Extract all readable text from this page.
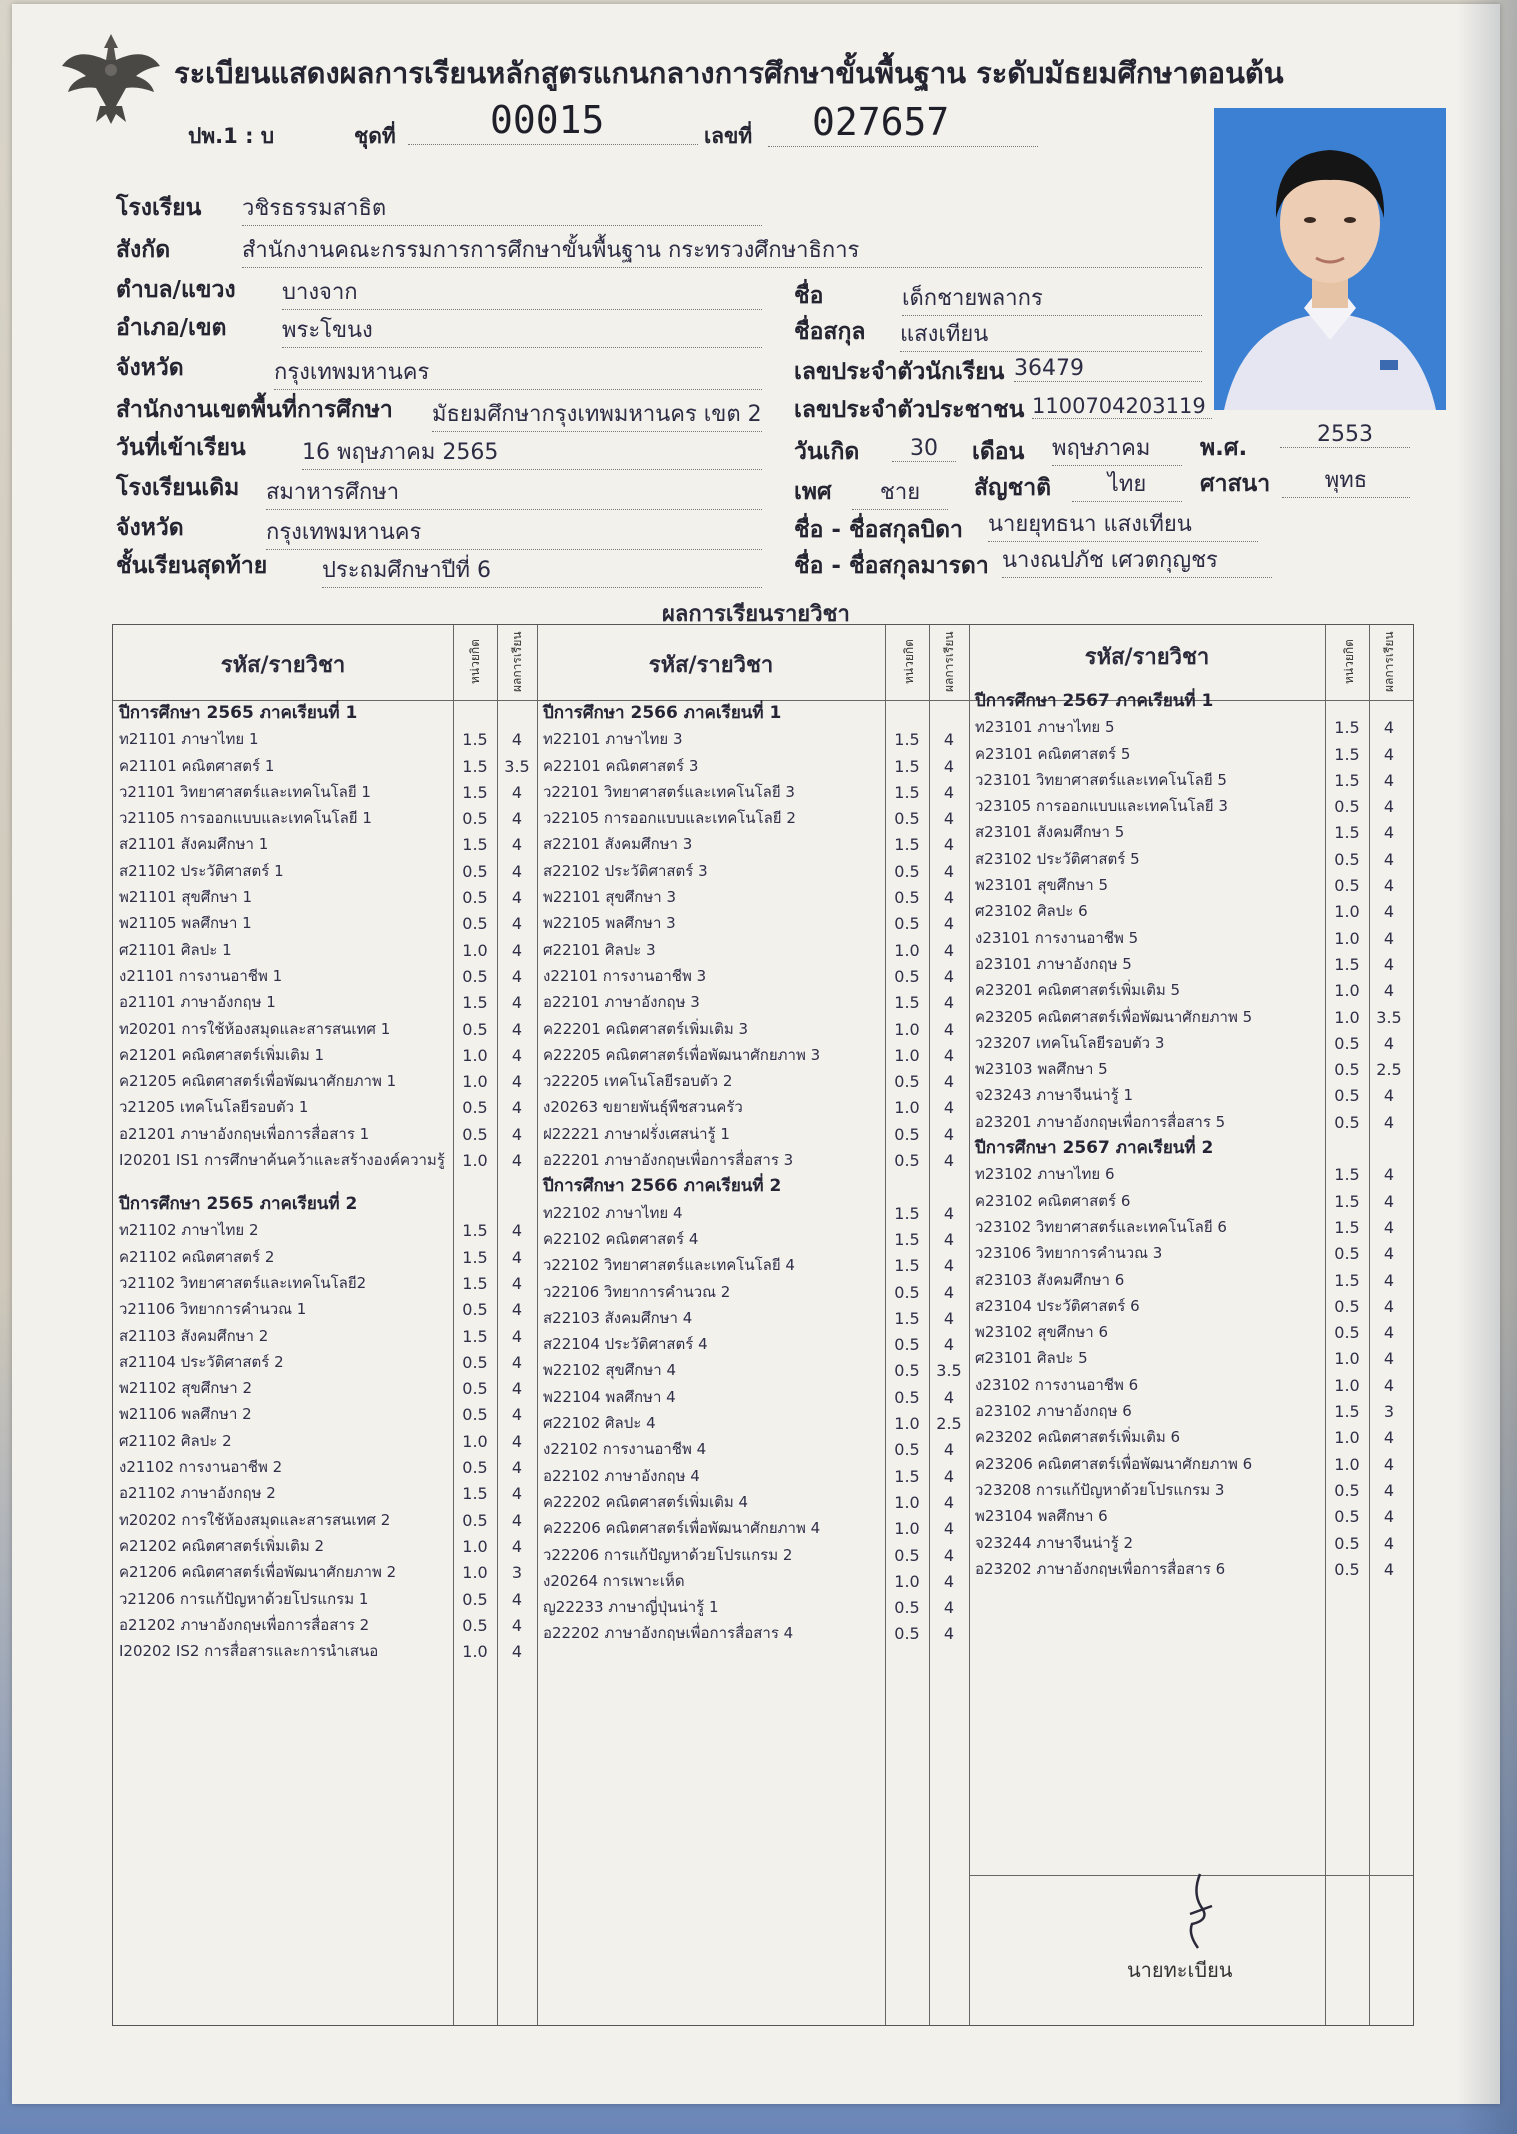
ระเบียนแสดงผลการเรียนหลักสูตรแกนกลางการศึกษาขั้นพื้นฐาน ระดับมัธยมศึกษาตอนต้น
ปพ.1 : บ	ชุดที่ 00015	เลขที่ 027657
โรงเรียน วชิรธรรมสาธิต
สังกัด	สำนักงานคณะกรรมการการศึกษาขั้นพื้นฐาน กระทรวงศึกษาธิการ
ตำบล/แขวง บางจาก
อำเภอ/เขต	พระโขนง
จังหวัด	กรุงเทพมหานคร
สำนักงานเขตพื้นที่การศึกษา มัธยมศึกษากรุงเทพมหานคร เขต 2
วันที่เข้าเรียน	16 พฤษภาคม 2565
โรงเรียนเดิม สมาหารศึกษา
จังหวัด	กรุงเทพมหานคร
ชั้นเรียนสุดท้าย ประถมศึกษาปีที่ 6
ชื่อ	เด็กชายพลากร
ชื่อสกุล แสงเทียน
เลขประจำตัวนักเรียน 36479
เลขประจำตัวประชาชน 1100704203119
วันเกิด	30	เดือน พฤษภาคม	พ.ศ.
2553
เพศ	ชาย	สัญชาติ	ไทย	ศาสนา	พุทธ
ชื่อ - ชื่อสกุลบิดา นายยุทธนา แสงเทียน
ชื่อ - ชื่อสกุลมารดา นางณปภัช เศวตกุญชร
ผลการเรียนรายวิชา
รหัส/รายวิชา	หน่วยกิต ผลการเรียน	รหัส/รายวิชา	หน่วยกิต ผลการเรียน	รหัส/รายวิชา	หน่วยกิต ผลการเรียน
ปีการศึกษา 2565 ภาคเรียนที่ 1
ท21101 ภาษาไทย 1	1.5	4
ค21101 คณิตศาสตร์ 1	1.5	3.5
ว21101 วิทยาศาสตร์และเทคโนโลยี 1	1.5	4
ว21105 การออกแบบและเทคโนโลยี 1	0.5	4
ส21101 สังคมศึกษา 1	1.5	4
ส21102 ประวัติศาสตร์ 1	0.5	4
พ21101 สุขศึกษา 1	0.5	4
พ21105 พลศึกษา 1	0.5	4
ศ21101 ศิลปะ 1	1.0	4
ง21101 การงานอาชีพ 1	0.5	4
อ21101 ภาษาอังกฤษ 1	1.5	4
ท20201 การใช้ห้องสมุดและสารสนเทศ 1	0.5	4
ค21201 คณิตศาสตร์เพิ่มเติม 1	1.0	4
ค21205 คณิตศาสตร์เพื่อพัฒนาศักยภาพ 1	1.0	4
ว21205 เทคโนโลยีรอบตัว 1	0.5	4
อ21201 ภาษาอังกฤษเพื่อการสื่อสาร 1	0.5	4
I20201 IS1 การศึกษาค้นคว้าและสร้างองค์ความรู้	1.0	4
ปีการศึกษา 2565 ภาคเรียนที่ 2
ท21102 ภาษาไทย 2	1.5	4
ค21102 คณิตศาสตร์ 2	1.5	4
ว21102 วิทยาศาสตร์และเทคโนโลยี2	1.5	4
ว21106 วิทยาการคำนวณ 1	0.5	4
ส21103 สังคมศึกษา 2	1.5	4
ส21104 ประวัติศาสตร์ 2	0.5	4
พ21102 สุขศึกษา 2	0.5	4
พ21106 พลศึกษา 2	0.5	4
ศ21102 ศิลปะ 2	1.0	4
ง21102 การงานอาชีพ 2	0.5	4
อ21102 ภาษาอังกฤษ 2	1.5	4
ท20202 การใช้ห้องสมุดและสารสนเทศ 2	0.5	4
ค21202 คณิตศาสตร์เพิ่มเติม 2	1.0	4
ค21206 คณิตศาสตร์เพื่อพัฒนาศักยภาพ 2	1.0	3
ว21206 การแก้ปัญหาด้วยโปรแกรม 1	0.5	4
อ21202 ภาษาอังกฤษเพื่อการสื่อสาร 2	0.5	4
I20202 IS2 การสื่อสารและการนำเสนอ	1.0	4
ปีการศึกษา 2566 ภาคเรียนที่ 1
ท22101 ภาษาไทย 3	1.5	4
ค22101 คณิตศาสตร์ 3	1.5	4
ว22101 วิทยาศาสตร์และเทคโนโลยี 3	1.5	4
ว22105 การออกแบบและเทคโนโลยี 2	0.5	4
ส22101 สังคมศึกษา 3	1.5	4
ส22102 ประวัติศาสตร์ 3	0.5	4
พ22101 สุขศึกษา 3	0.5	4
พ22105 พลศึกษา 3	0.5	4
ศ22101 ศิลปะ 3	1.0	4
ง22101 การงานอาชีพ 3	0.5	4
อ22101 ภาษาอังกฤษ 3	1.5	4
ค22201 คณิตศาสตร์เพิ่มเติม 3	1.0	4
ค22205 คณิตศาสตร์เพื่อพัฒนาศักยภาพ 3	1.0	4
ว22205 เทคโนโลยีรอบตัว 2	0.5	4
ง20263 ขยายพันธุ์พืชสวนครัว	1.0	4
ฝ22221 ภาษาฝรั่งเศสน่ารู้ 1	0.5	4
อ22201 ภาษาอังกฤษเพื่อการสื่อสาร 3	0.5	4
ปีการศึกษา 2566 ภาคเรียนที่ 2
ท22102 ภาษาไทย 4	1.5	4
ค22102 คณิตศาสตร์ 4	1.5	4
ว22102 วิทยาศาสตร์และเทคโนโลยี 4	1.5	4
ว22106 วิทยาการคำนวณ 2	0.5	4
ส22103 สังคมศึกษา 4	1.5	4
ส22104 ประวัติศาสตร์ 4	0.5	4
พ22102 สุขศึกษา 4	0.5	3.5
พ22104 พลศึกษา 4	0.5	4
ศ22102 ศิลปะ 4	1.0	2.5
ง22102 การงานอาชีพ 4	0.5	4
อ22102 ภาษาอังกฤษ 4	1.5	4
ค22202 คณิตศาสตร์เพิ่มเติม 4	1.0	4
ค22206 คณิตศาสตร์เพื่อพัฒนาศักยภาพ 4	1.0	4
ว22206 การแก้ปัญหาด้วยโปรแกรม 2	0.5	4
ง20264 การเพาะเห็ด	1.0	4
ญ22233 ภาษาญี่ปุ่นน่ารู้ 1	0.5	4
อ22202 ภาษาอังกฤษเพื่อการสื่อสาร 4	0.5	4
ปีการศึกษา 2567 ภาคเรียนที่ 1
ท23101 ภาษาไทย 5	1.5	4
ค23101 คณิตศาสตร์ 5	1.5	4
ว23101 วิทยาศาสตร์และเทคโนโลยี 5	1.5	4
ว23105 การออกแบบและเทคโนโลยี 3	0.5	4
ส23101 สังคมศึกษา 5	1.5	4
ส23102 ประวัติศาสตร์ 5	0.5	4
พ23101 สุขศึกษา 5	0.5	4
ศ23102 ศิลปะ 6	1.0	4
ง23101 การงานอาชีพ 5	1.0	4
อ23101 ภาษาอังกฤษ 5	1.5	4
ค23201 คณิตศาสตร์เพิ่มเติม 5	1.0	4
ค23205 คณิตศาสตร์เพื่อพัฒนาศักยภาพ 5	1.0	3.5
ว23207 เทคโนโลยีรอบตัว 3	0.5	4
พ23103 พลศึกษา 5	0.5	2.5
จ23243 ภาษาจีนน่ารู้ 1	0.5	4
อ23201 ภาษาอังกฤษเพื่อการสื่อสาร 5	0.5	4
ปีการศึกษา 2567 ภาคเรียนที่ 2
ท23102 ภาษาไทย 6	1.5	4
ค23102 คณิตศาสตร์ 6	1.5	4
ว23102 วิทยาศาสตร์และเทคโนโลยี 6	1.5	4
ว23106 วิทยาการคำนวณ 3	0.5	4
ส23103 สังคมศึกษา 6	1.5	4
ส23104 ประวัติศาสตร์ 6	0.5	4
พ23102 สุขศึกษา 6	0.5	4
ศ23101 ศิลปะ 5	1.0	4
ง23102 การงานอาชีพ 6	1.0	4
อ23102 ภาษาอังกฤษ 6	1.5	3
ค23202 คณิตศาสตร์เพิ่มเติม 6	1.0	4
ค23206 คณิตศาสตร์เพื่อพัฒนาศักยภาพ 6	1.0	4
ว23208 การแก้ปัญหาด้วยโปรแกรม 3	0.5	4
พ23104 พลศึกษา 6	0.5	4
จ23244 ภาษาจีนน่ารู้ 2	0.5	4
อ23202 ภาษาอังกฤษเพื่อการสื่อสาร 6	0.5	4
นายทะเบียน
